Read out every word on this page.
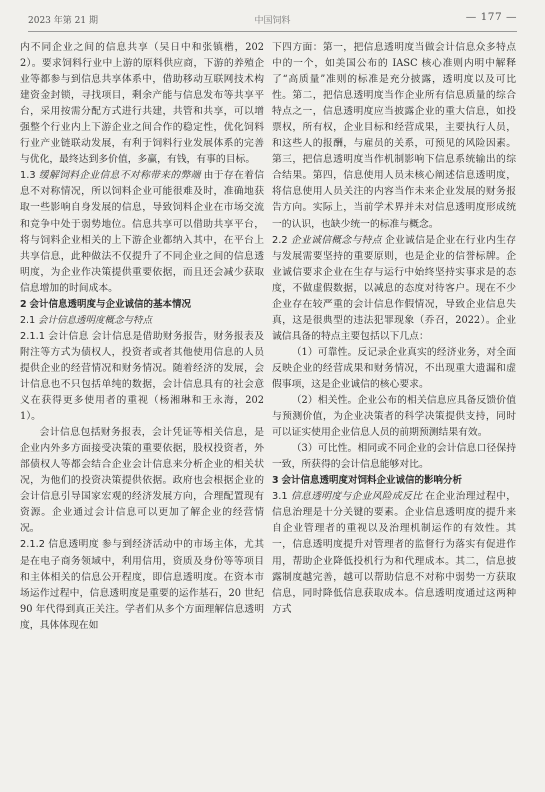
2023 年第 21 期	中国饲料	— 177 —

内不同企业之间的信息共享（吴日中和张镇楷，2022）。要求饲料行业中上游的原料供应商，下游的养殖企业等都参与到信息共享体系中，借助移动互联网技术构建资金封锁，寻找项目，剩余产能与信息发布等共享平台，采用按需分配方式进行共建，共管和共享，可以增强整个行业内上下游企业之间合作的稳定性，优化饲料行业产业链联动发展，有利于饲料行业发展体系的完善与优化，最终达到多价值，多赢，有钱，有事的目标。

1.3 缓解饲料企业信息不对称带来的弊端 由于存在着信息不对称情况，所以饲料企业可能很难及时，准确地获取一些影响自身发展的信息，导致饲料企业在市场交流和竞争中处于弱势地位。信息共享可以借助共享平台，将与饲料企业相关的上下游企业都纳入其中，在平台上共享信息，此种做法不仅提升了不同企业之间的信息透明度，为企业作决策提供重要依据，而且还会减少获取信息增加的时间成本。

2 会计信息透明度与企业诚信的基本情况
2.1 会计信息透明度概念与特点

2.1.1 会计信息 会计信息是借助财务报告，财务报表及附注等方式为债权人，投资者或者其他使用信息的人员提供企业的经营情况和财务情况。随着经济的发展，会计信息也不只包括单纯的数据，会计信息具有的社会意义在获得更多使用者的重视（杨湘琳和王永海，2021）。

会计信息包括财务报表，会计凭证等相关信息，是企业内外多方面接受决策的重要依据，股权投资者，外部债权人等都会结合企业会计信息来分析企业的相关状况，为他们的投资决策提供依据。政府也会根据企业的会计信息引导国家宏观的经济发展方向，合理配置现有资源。企业通过会计信息可以更加了解企业的经营情况。

2.1.2 信息透明度 参与到经济活动中的市场主体，尤其是在电子商务领域中，利用信用，资质及身份等等项目和主体相关的信息公开程度，即信息透明度。在资本市场运作过程中，信息透明度是重要的运作基石，20 世纪 90 年代得到真正关注。学者们从多个方面理解信息透明度，具体体现在如

下四方面：第一，把信息透明度当做会计信息众多特点中的一个，如美国公布的 IASC 核心准则内明中解释了“高质量”准则的标准是充分披露，透明度以及可比性。第二，把信息透明度当作企业所有信息质量的综合特点之一，信息透明度应当披露企业的重大信息，如投票权，所有权，企业目标和经营成果，主要执行人员，和这些人的报酬，与雇员的关系，可预见的风险因素。第三，把信息透明度当作机制影响下信息系统输出的综合结果。第四，信息使用人员未核心阐述信息透明度，将信息使用人员关注的内容当作未来企业发展的财务报告方向。实际上，当前学术界并未对信息透明度形成统一的认识，也缺少统一的标准与概念。

2.2 企业诚信概念与特点 企业诚信是企业在行业内生存与发展需要坚持的重要原则，也是企业的信誉标牌。企业诚信要求企业在生存与运行中始终坚持实事求是的态度，不做虚假数据，以减息的态度对待客户。现在不少企业存在较严重的会计信息作假情况，导致企业信息失真，这是很典型的违法犯罪现象（乔召，2022）。企业诚信具备的特点主要包括以下几点：

（1）可靠性。反记录企业真实的经济业务，对全面反映企业的经营成果和财务情况，不出现重大遗漏和虚假事项，这是企业诚信的核心要求。

（2）相关性。企业公布的相关信息应具备反馈价值与预测价值，为企业决策者的科学决策提供支持，同时可以证实使用企业信息人员的前期预测结果有效。

（3）可比性。相同或不同企业的会计信息口径保持一致，所获得的会计信息能够对比。

3 会计信息透明度对饲料企业诚信的影响分析

3.1 信息透明度与企业风险成反比 在企业治理过程中，信息治理是十分关键的要素。企业信息透明度的提升来自企业管理者的重视以及治理机制运作的有效性。其一，信息透明度提升对管理者的监督行为落实有促进作用，帮助企业降低投机行为和代理成本。其二，信息披露制度越完善，越可以帮助信息不对称中弱势一方获取信息，同时降低信息获取成本。信息透明度通过这两种方式
